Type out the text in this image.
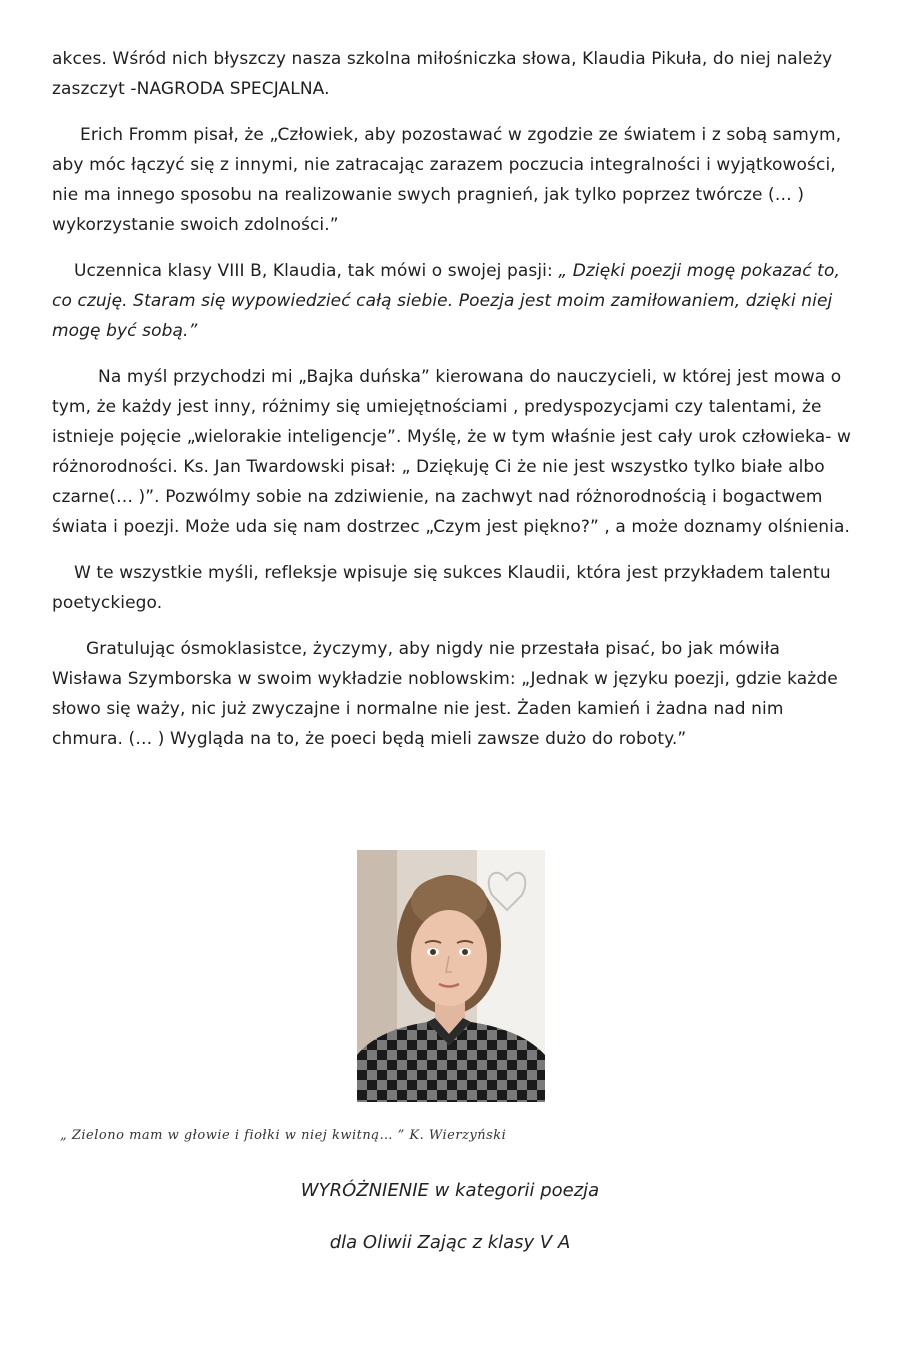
akces. Wśród nich błyszczy nasza szkolna miłośniczka słowa, Klaudia Pikuła, do niej należy zaszczyt -NAGRODA SPECJALNA.

Erich Fromm pisał, że „Człowiek, aby pozostawać w zgodzie ze światem i z sobą samym, aby móc łączyć się z innymi, nie zatracając zarazem poczucia integralności i wyjątkowości, nie ma innego sposobu na realizowanie swych pragnień, jak tylko poprzez twórcze (… ) wykorzystanie swoich zdolności.”

Uczennica klasy VIII B, Klaudia, tak mówi o swojej pasji: „ Dzięki poezji mogę pokazać to, co czuję. Staram się wypowiedzieć całą siebie. Poezja jest moim zamiłowaniem, dzięki niej mogę być sobą.”

Na myśl przychodzi mi „Bajka duńska” kierowana do nauczycieli, w której jest mowa o tym, że każdy jest inny, różnimy się umiejętnościami , predyspozycjami czy talentami, że istnieje pojęcie „wielorakie inteligencje”. Myślę, że w tym właśnie jest cały urok człowieka- w różnorodności. Ks. Jan Twardowski pisał: „ Dziękuję Ci że nie jest wszystko tylko białe albo czarne(… )”. Pozwólmy sobie na zdziwienie, na zachwyt nad różnorodnością i bogactwem świata i poezji. Może uda się nam dostrzec „Czym jest piękno?” , a może doznamy olśnienia.

W te wszystkie myśli, refleksje wpisuje się sukces Klaudii, która jest przykładem talentu poetyckiego.

Gratulując ósmoklasistce, życzymy, aby nigdy nie przestała pisać, bo jak mówiła Wisława Szymborska w swoim wykładzie noblowskim: „Jednak w języku poezji, gdzie każde słowo się waży, nic już zwyczajne i normalne nie jest. Żaden kamień i żadna nad nim chmura. (… ) Wygląda na to, że poeci będą mieli zawsze dużo do roboty.”

„ Zielono mam w głowie i fiołki w niej kwitną… ” K. Wierzyński
WYRÓŻNIENIE w kategorii poezja
dla Oliwii Zając z klasy V A
